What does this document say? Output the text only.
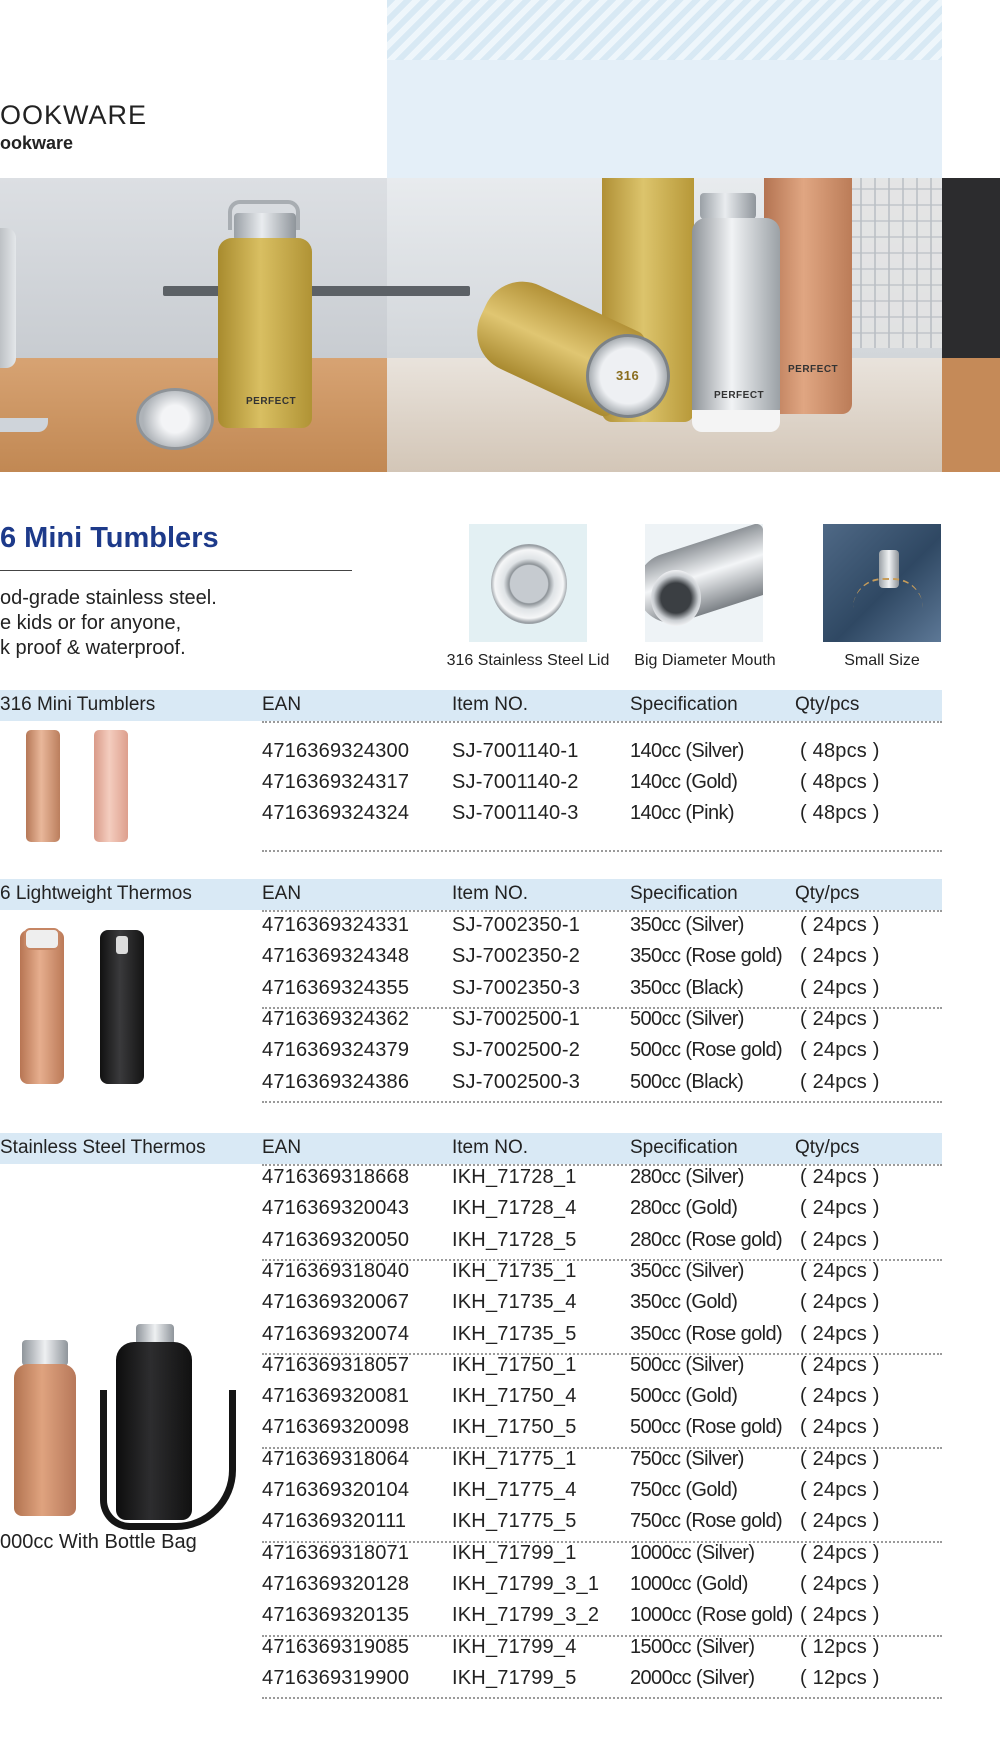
OOKWARE
ookware
PERFECT
PERFECT
PERFECT
316
6 Mini Tumblers
od-grade stainless steel.
e kids or for anyone,
k proof & waterproof.
316 Stainless Steel Lid	Big Diameter Mouth	Small Size
316 Mini Tumblers	EAN	Item NO.	Specification	Qty/pcs
4716369324300 SJ-7001140-1	140cc (Silver)	( 48pcs )
4716369324317 SJ-7001140-2	140cc (Gold)	( 48pcs )
4716369324324 SJ-7001140-3	140cc (Pink)	( 48pcs )
6 Lightweight Thermos	EAN	Item NO.	Specification	Qty/pcs
4716369324331 SJ-7002350-1 350cc (Silver)	( 24pcs )
4716369324348 SJ-7002350-2 350cc (Rose gold) ( 24pcs )
4716369324355 SJ-7002350-3 350cc (Black)	( 24pcs )
4716369324362 SJ-7002500-1 500cc (Silver)	( 24pcs )
4716369324379 SJ-7002500-2 500cc (Rose gold) ( 24pcs )
4716369324386 SJ-7002500-3 500cc (Black)	( 24pcs )
Stainless Steel Thermos	EAN	Item NO.	Specification	Qty/pcs
4716369318668 IKH_71728_1	280cc (Silver)	( 24pcs )
4716369320043 IKH_71728_4	280cc (Gold)	( 24pcs )
4716369320050 IKH_71728_5	280cc (Rose gold) ( 24pcs )
4716369318040 IKH_71735_1	350cc (Silver)	( 24pcs )
4716369320067 IKH_71735_4	350cc (Gold)	( 24pcs )
4716369320074 IKH_71735_5	350cc (Rose gold) ( 24pcs )
4716369318057 IKH_71750_1	500cc (Silver)	( 24pcs )
4716369320081 IKH_71750_4	500cc (Gold)	( 24pcs )
4716369320098 IKH_71750_5	500cc (Rose gold) ( 24pcs )
4716369318064 IKH_71775_1	750cc (Silver)	( 24pcs )
4716369320104 IKH_71775_4	750cc (Gold)	( 24pcs )
4716369320111 IKH_71775_5	750cc (Rose gold) ( 24pcs )
4716369318071 IKH_71799_1	1000cc (Silver) ( 24pcs )
4716369320128 IKH_71799_3_1 1000cc (Gold)	( 24pcs )
4716369320135 IKH_71799_3_2 1000cc (Rose gold) ( 24pcs )
4716369319085 IKH_71799_4	1500cc (Silver) ( 12pcs )
4716369319900 IKH_71799_5	2000cc (Silver) ( 12pcs )
000cc With Bottle Bag
